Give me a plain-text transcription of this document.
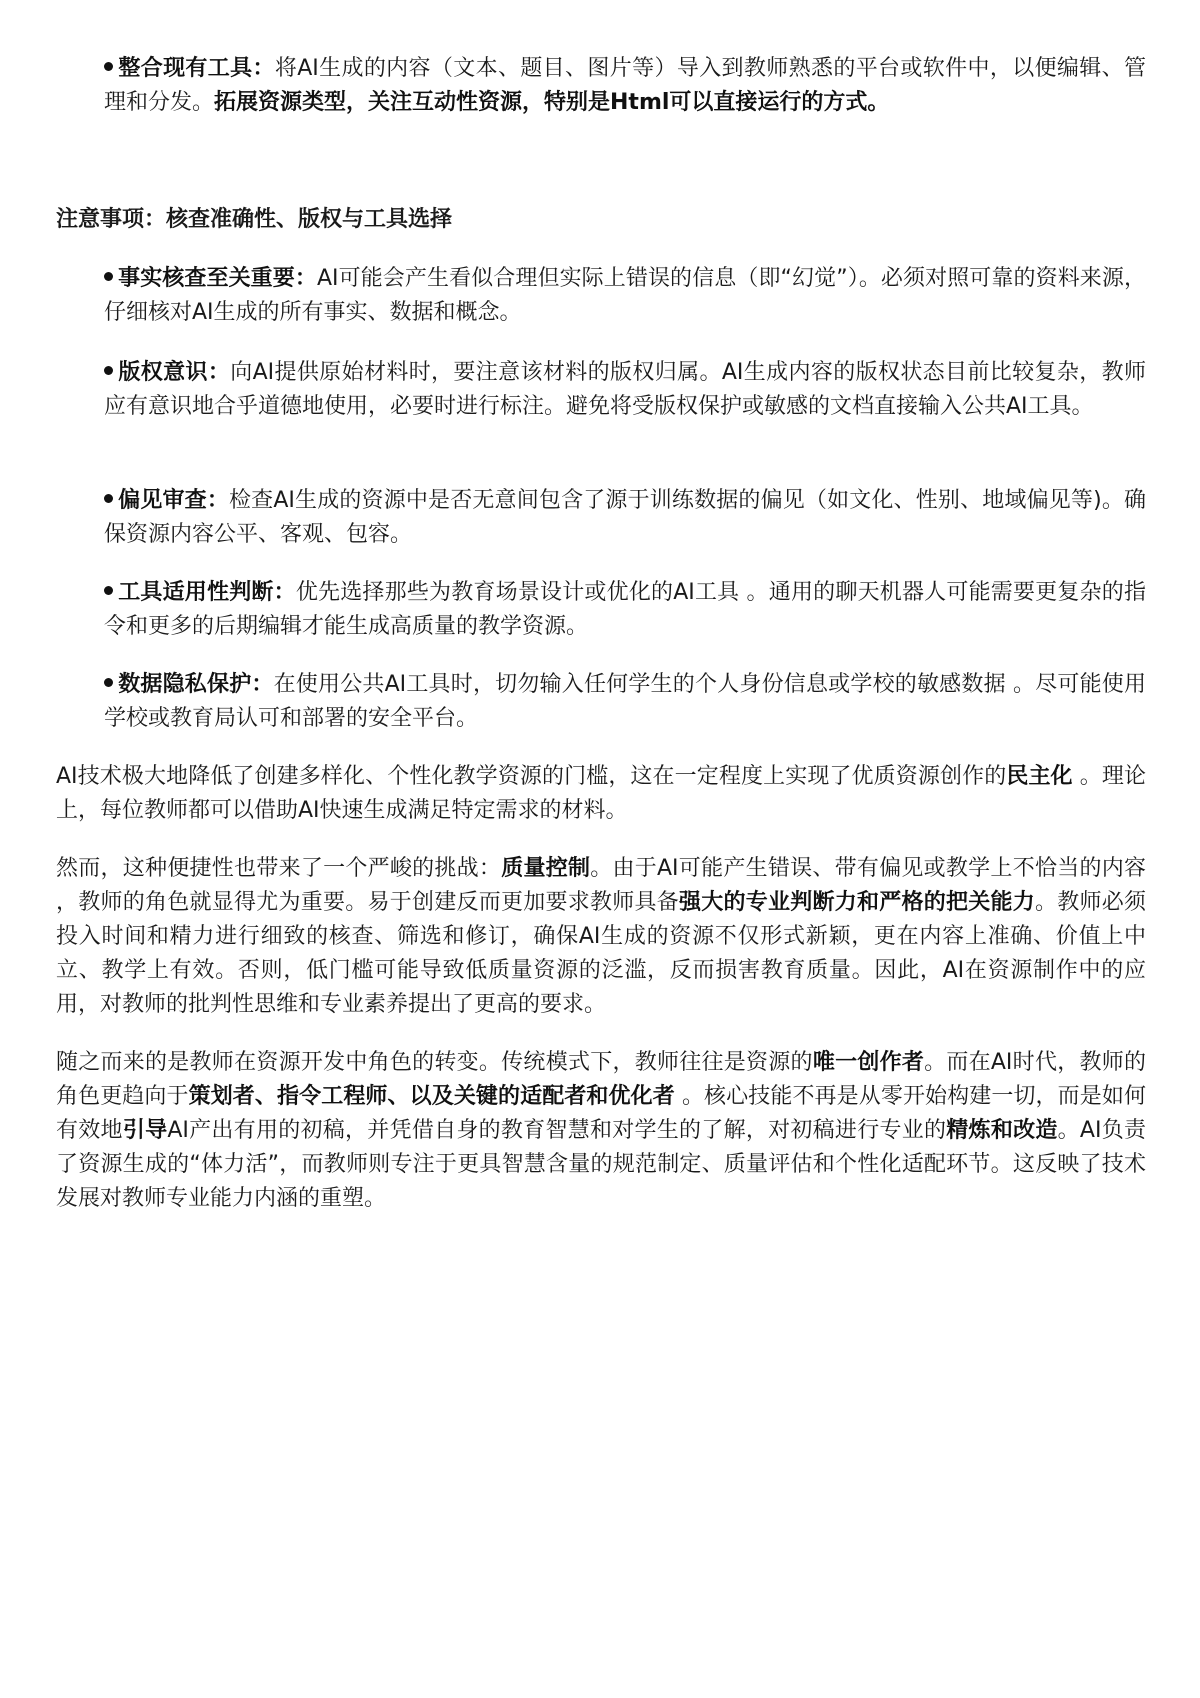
整合现有工具：将AI生成的内容（文本、题目、图片等）导入到教师熟悉的平台或软件中，以便编辑、管理和分发。拓展资源类型，关注互动性资源，特别是Html可以直接运行的方式。

注意事项：核查准确性、版权与工具选择

事实核查至关重要：AI可能会产生看似合理但实际上错误的信息（即“幻觉”）。必须对照可靠的资料来源，仔细核对AI生成的所有事实、数据和概念。

版权意识：向AI提供原始材料时，要注意该材料的版权归属。AI生成内容的版权状态目前比较复杂，教师应有意识地合乎道德地使用，必要时进行标注。避免将受版权保护或敏感的文档直接输入公共AI工具。

偏见审查：检查AI生成的资源中是否无意间包含了源于训练数据的偏见（如文化、性别、地域偏见等)。确保资源内容公平、客观、包容。

工具适用性判断：优先选择那些为教育场景设计或优化的AI工具 。通用的聊天机器人可能需要更复杂的指令和更多的后期编辑才能生成高质量的教学资源。

数据隐私保护：在使用公共AI工具时，切勿输入任何学生的个人身份信息或学校的敏感数据 。尽可能使用学校或教育局认可和部署的安全平台。

AI技术极大地降低了创建多样化、个性化教学资源的门槛，这在一定程度上实现了优质资源创作的民主化 。理论上，每位教师都可以借助AI快速生成满足特定需求的材料。

然而，这种便捷性也带来了一个严峻的挑战：质量控制。由于AI可能产生错误、带有偏见或教学上不恰当的内容 ，教师的角色就显得尤为重要。易于创建反而更加要求教师具备强大的专业判断力和严格的把关能力。教师必须投入时间和精力进行细致的核查、筛选和修订，确保AI生成的资源不仅形式新颖，更在内容上准确、价值上中立、教学上有效。否则，低门槛可能导致低质量资源的泛滥，反而损害教育质量。因此，AI在资源制作中的应用，对教师的批判性思维和专业素养提出了更高的要求。

随之而来的是教师在资源开发中角色的转变。传统模式下，教师往往是资源的唯一创作者。而在AI时代，教师的角色更趋向于策划者、指令工程师、以及关键的适配者和优化者 。核心技能不再是从零开始构建一切，而是如何有效地引导AI产出有用的初稿，并凭借自身的教育智慧和对学生的了解，对初稿进行专业的精炼和改造。AI负责了资源生成的“体力活”，而教师则专注于更具智慧含量的规范制定、质量评估和个性化适配环节。这反映了技术发展对教师专业能力内涵的重塑。
